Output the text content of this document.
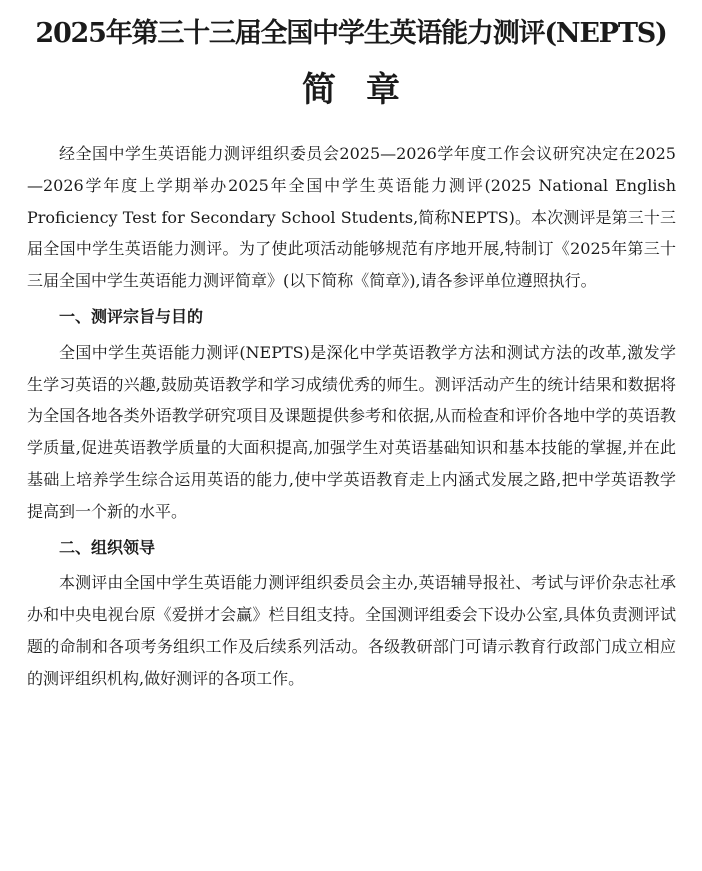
2025年第三十三届全国中学生英语能力测评(NEPTS)
简章

经全国中学生英语能力测评组织委员会2025—2026学年度工作会议研究决定在2025—2026学年度上学期举办2025年全国中学生英语能力测评(2025 National English Proficiency Test for Secondary School Students,简称NEPTS)。本次测评是第三十三届全国中学生英语能力测评。为了使此项活动能够规范有序地开展,特制订《2025年第三十三届全国中学生英语能力测评简章》(以下简称《简章》),请各参评单位遵照执行。

一、测评宗旨与目的

全国中学生英语能力测评(NEPTS)是深化中学英语教学方法和测试方法的改革,激发学生学习英语的兴趣,鼓励英语教学和学习成绩优秀的师生。测评活动产生的统计结果和数据将为全国各地各类外语教学研究项目及课题提供参考和依据,从而检查和评价各地中学的英语教学质量,促进英语教学质量的大面积提高,加强学生对英语基础知识和基本技能的掌握,并在此基础上培养学生综合运用英语的能力,使中学英语教育走上内涵式发展之路,把中学英语教学提高到一个新的水平。

二、组织领导

本测评由全国中学生英语能力测评组织委员会主办,英语辅导报社、考试与评价杂志社承办和中央电视台原《爱拼才会赢》栏目组支持。全国测评组委会下设办公室,具体负责测评试题的命制和各项考务组织工作及后续系列活动。各级教研部门可请示教育行政部门成立相应的测评组织机构,做好测评的各项工作。
